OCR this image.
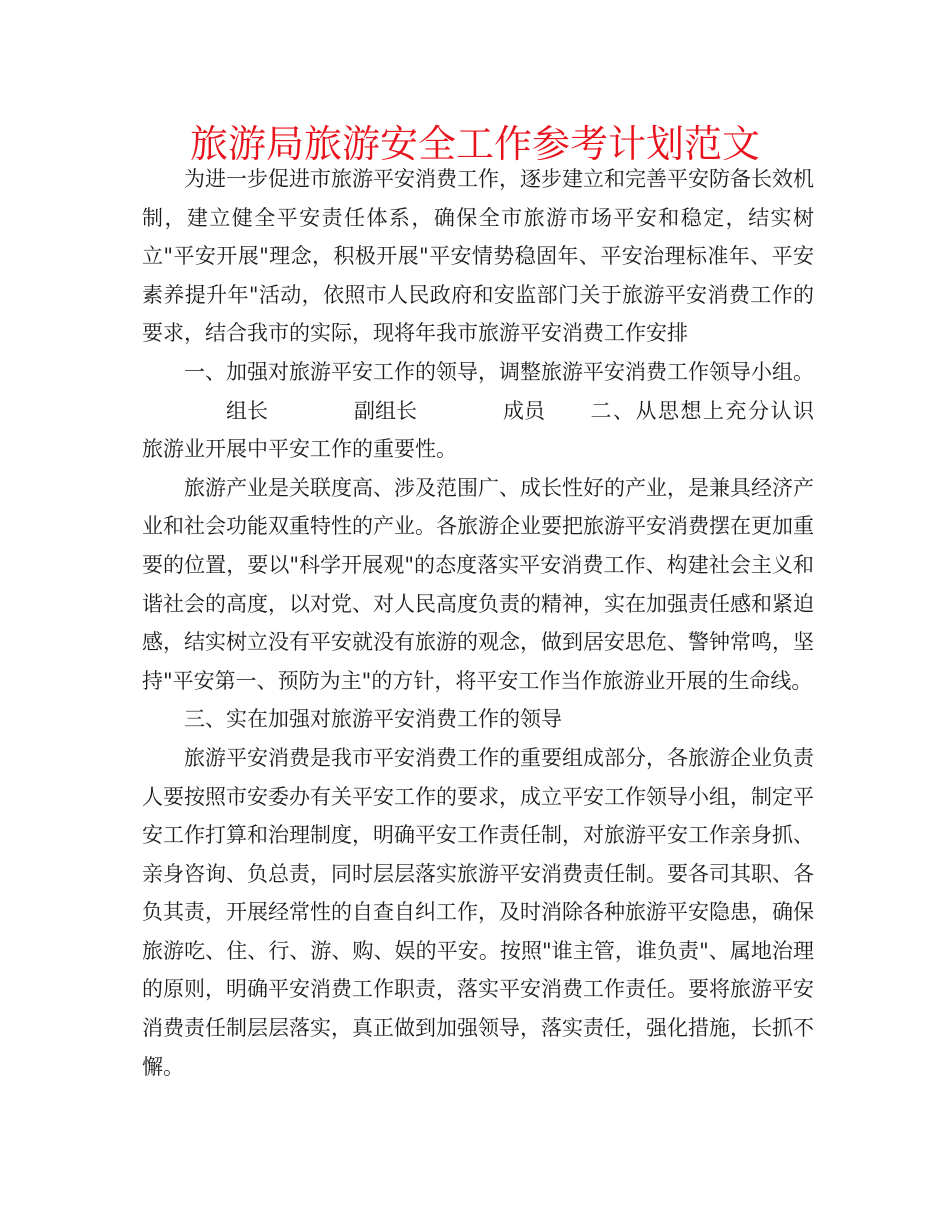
旅游局旅游安全工作参考计划范文

为进一步促进市旅游平安消费工作，逐步建立和完善平安防备长效机制，建立健全平安责任体系，确保全市旅游市场平安和稳定，结实树立"平安开展"理念，积极开展"平安情势稳固年、平安治理标准年、平安素养提升年"活动，依照市人民政府和安监部门关于旅游平安消费工作的要求，结合我市的实际，现将年我市旅游平安消费工作安排

一、加强对旅游平安工作的领导，调整旅游平安消费工作领导小组。

组长	副组长	成员 二、从思想上充分认识旅游业开展中平安工作的重要性。

旅游产业是关联度高、涉及范围广、成长性好的产业，是兼具经济产业和社会功能双重特性的产业。各旅游企业要把旅游平安消费摆在更加重要的位置，要以"科学开展观"的态度落实平安消费工作、构建社会主义和谐社会的高度，以对党、对人民高度负责的精神，实在加强责任感和紧迫感，结实树立没有平安就没有旅游的观念，做到居安思危、警钟常鸣，坚持"平安第一、预防为主"的方针，将平安工作当作旅游业开展的生命线。

三、实在加强对旅游平安消费工作的领导

旅游平安消费是我市平安消费工作的重要组成部分，各旅游企业负责人要按照市安委办有关平安工作的要求，成立平安工作领导小组，制定平安工作打算和治理制度，明确平安工作责任制，对旅游平安工作亲身抓、亲身咨询、负总责，同时层层落实旅游平安消费责任制。要各司其职、各负其责，开展经常性的自查自纠工作，及时消除各种旅游平安隐患，确保旅游吃、住、行、游、购、娱的平安。按照"谁主管，谁负责"、属地治理的原则，明确平安消费工作职责，落实平安消费工作责任。要将旅游平安消费责任制层层落实，真正做到加强领导，落实责任，强化措施，长抓不懈。
